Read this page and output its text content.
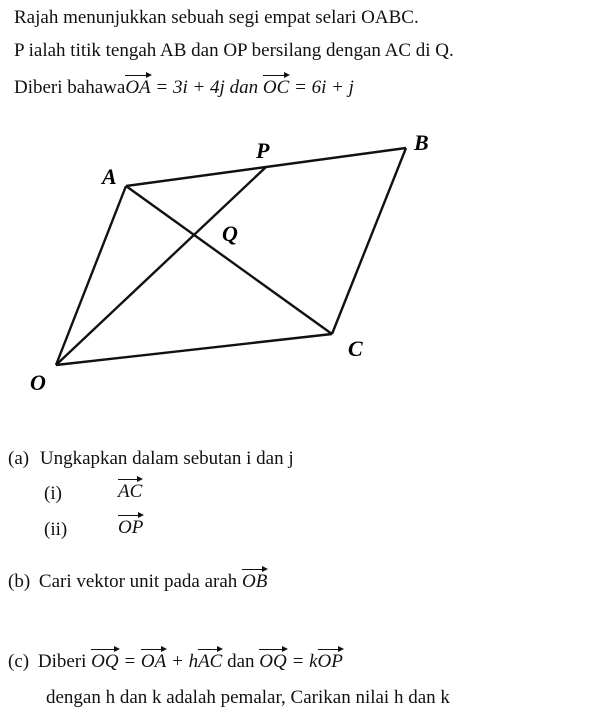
Rajah menunjukkan sebuah segi empat selari OABC.
P ialah titik tengah AB dan OP bersilang dengan AC di Q.
Diberi bahawaOA = 3i + 4j dan OC = 6i + j
A
P	B
Q
C
O
(a) Ungkapkan dalam sebutan i dan j
(i)	AC
(ii)	OP
(b) Cari vektor unit pada arah OB
(c) Diberi OQ = OA + hAC dan OQ = kOP
dengan h dan k adalah pemalar, Carikan nilai h dan k
